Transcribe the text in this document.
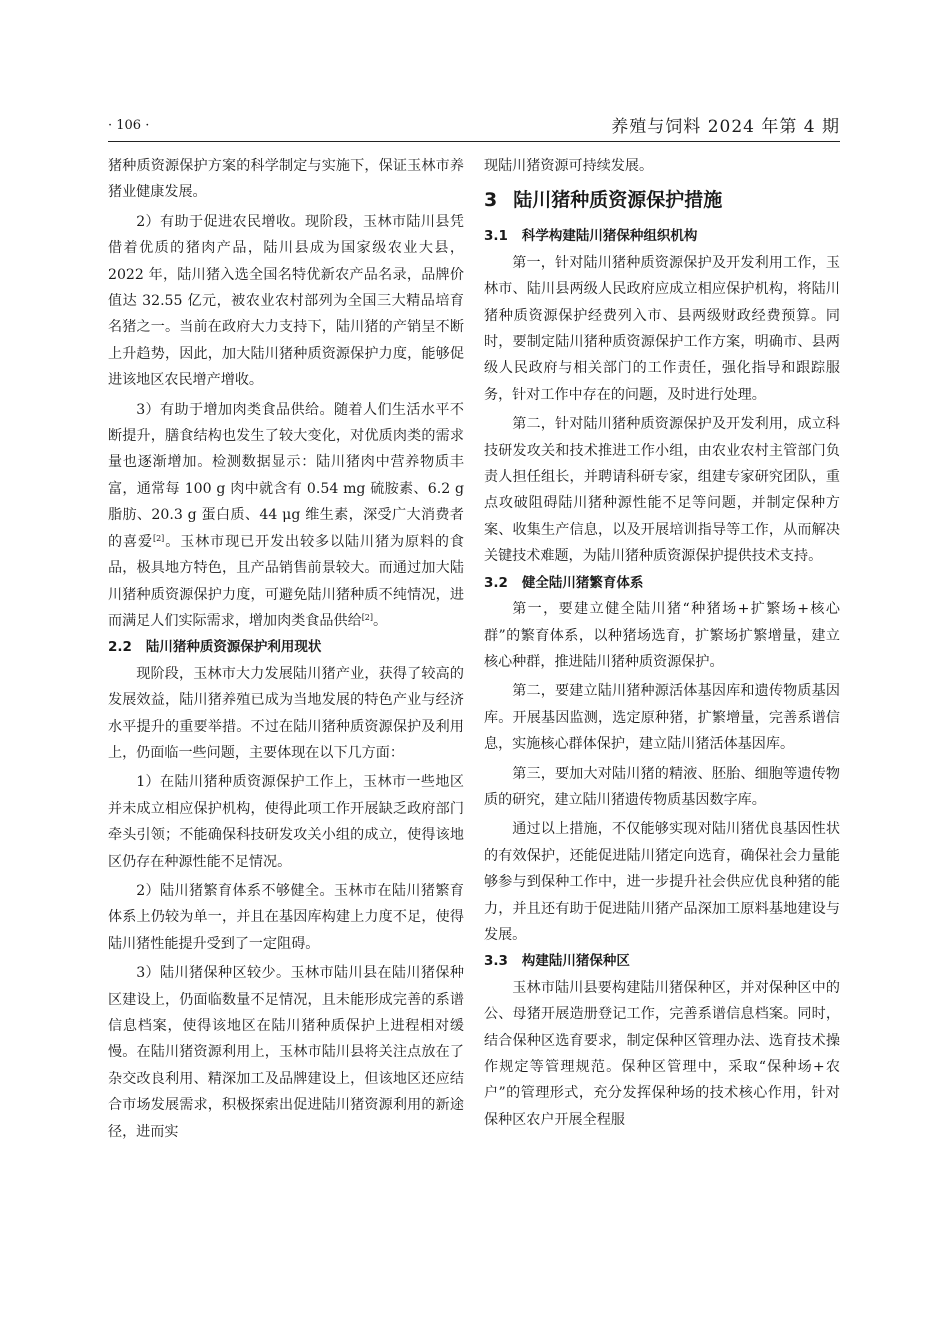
· 106 ·	养殖与饲料 2024 年第 4 期

猪种质资源保护方案的科学制定与实施下，保证玉林市养猪业健康发展。

2）有助于促进农民增收。现阶段，玉林市陆川县凭借着优质的猪肉产品，陆川县成为国家级农业大县，2022 年，陆川猪入选全国名特优新农产品名录，品牌价值达 32.55 亿元，被农业农村部列为全国三大精品培育名猪之一。当前在政府大力支持下，陆川猪的产销呈不断上升趋势，因此，加大陆川猪种质资源保护力度，能够促进该地区农民增产增收。

3）有助于增加肉类食品供给。随着人们生活水平不断提升，膳食结构也发生了较大变化，对优质肉类的需求量也逐渐增加。检测数据显示：陆川猪肉中营养物质丰富，通常每 100 g 肉中就含有 0.54 mg 硫胺素、6.2 g 脂肪、20.3 g 蛋白质、44 μg 维生素，深受广大消费者的喜爱[2]。玉林市现已开发出较多以陆川猪为原料的食品，极具地方特色，且产品销售前景较大。而通过加大陆川猪种质资源保护力度，可避免陆川猪种质不纯情况，进而满足人们实际需求，增加肉类食品供给[2]。

2.2 陆川猪种质资源保护利用现状

现阶段，玉林市大力发展陆川猪产业，获得了较高的发展效益，陆川猪养殖已成为当地发展的特色产业与经济水平提升的重要举措。不过在陆川猪种质资源保护及利用上，仍面临一些问题，主要体现在以下几方面：

1）在陆川猪种质资源保护工作上，玉林市一些地区并未成立相应保护机构，使得此项工作开展缺乏政府部门牵头引领；不能确保科技研发攻关小组的成立，使得该地区仍存在种源性能不足情况。

2）陆川猪繁育体系不够健全。玉林市在陆川猪繁育体系上仍较为单一，并且在基因库构建上力度不足，使得陆川猪性能提升受到了一定阻碍。

3）陆川猪保种区较少。玉林市陆川县在陆川猪保种区建设上，仍面临数量不足情况，且未能形成完善的系谱信息档案，使得该地区在陆川猪种质保护上进程相对缓慢。在陆川猪资源利用上，玉林市陆川县将关注点放在了杂交改良利用、精深加工及品牌建设上，但该地区还应结合市场发展需求，积极探索出促进陆川猪资源利用的新途径，进而实

现陆川猪资源可持续发展。

3 陆川猪种质资源保护措施
3.1 科学构建陆川猪保种组织机构

第一，针对陆川猪种质资源保护及开发利用工作，玉林市、陆川县两级人民政府应成立相应保护机构，将陆川猪种质资源保护经费列入市、县两级财政经费预算。同时，要制定陆川猪种质资源保护工作方案，明确市、县两级人民政府与相关部门的工作责任，强化指导和跟踪服务，针对工作中存在的问题，及时进行处理。

第二，针对陆川猪种质资源保护及开发利用，成立科技研发攻关和技术推进工作小组，由农业农村主管部门负责人担任组长，并聘请科研专家，组建专家研究团队，重点攻破阻碍陆川猪种源性能不足等问题，并制定保种方案、收集生产信息，以及开展培训指导等工作，从而解决关键技术难题，为陆川猪种质资源保护提供技术支持。

3.2 健全陆川猪繁育体系

第一，要建立健全陆川猪“种猪场+扩繁场+核心群”的繁育体系，以种猪场选育，扩繁场扩繁增量，建立核心种群，推进陆川猪种质资源保护。

第二，要建立陆川猪种源活体基因库和遗传物质基因库。开展基因监测，选定原种猪，扩繁增量，完善系谱信息，实施核心群体保护，建立陆川猪活体基因库。

第三，要加大对陆川猪的精液、胚胎、细胞等遗传物质的研究，建立陆川猪遗传物质基因数字库。

通过以上措施，不仅能够实现对陆川猪优良基因性状的有效保护，还能促进陆川猪定向选育，确保社会力量能够参与到保种工作中，进一步提升社会供应优良种猪的能力，并且还有助于促进陆川猪产品深加工原料基地建设与发展。

3.3 构建陆川猪保种区

玉林市陆川县要构建陆川猪保种区，并对保种区中的公、母猪开展造册登记工作，完善系谱信息档案。同时，结合保种区选育要求，制定保种区管理办法、选育技术操作规定等管理规范。保种区管理中，采取“保种场+农户”的管理形式，充分发挥保种场的技术核心作用，针对保种区农户开展全程服
